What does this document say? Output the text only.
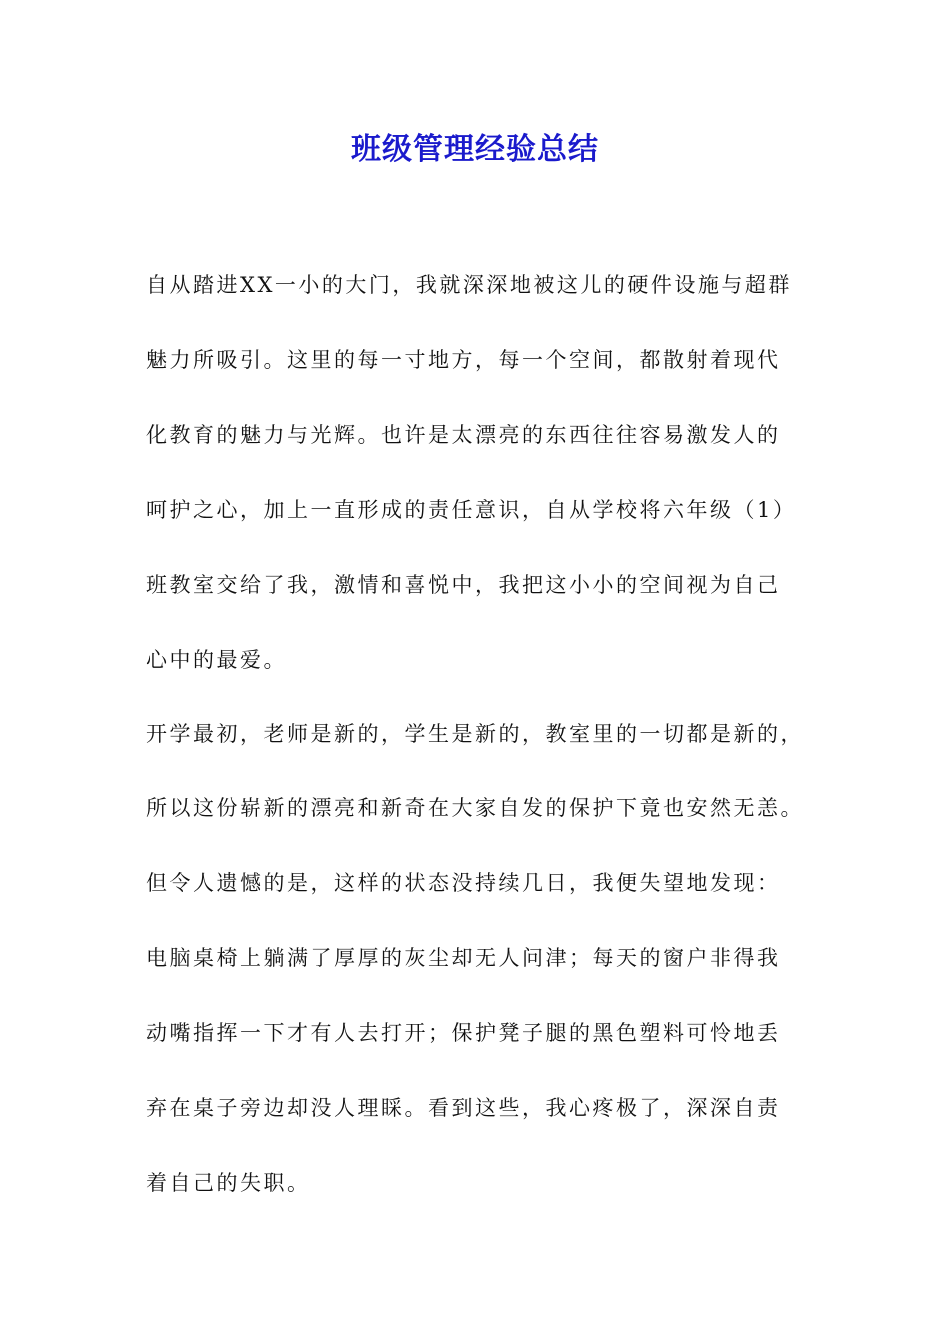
班级管理经验总结
自从踏进XX一小的大门，我就深深地被这儿的硬件设施与超群
魅力所吸引。这里的每一寸地方，每一个空间，都散射着现代
化教育的魅力与光辉。也许是太漂亮的东西往往容易激发人的
呵护之心，加上一直形成的责任意识，自从学校将六年级（1）
班教室交给了我，激情和喜悦中，我把这小小的空间视为自己
心中的最爱。
开学最初，老师是新的，学生是新的，教室里的一切都是新的，
所以这份崭新的漂亮和新奇在大家自发的保护下竟也安然无恙。
但令人遗憾的是，这样的状态没持续几日，我便失望地发现：
电脑桌椅上躺满了厚厚的灰尘却无人问津；每天的窗户非得我
动嘴指挥一下才有人去打开；保护凳子腿的黑色塑料可怜地丢
弃在桌子旁边却没人理睬。看到这些，我心疼极了，深深自责
着自己的失职。
